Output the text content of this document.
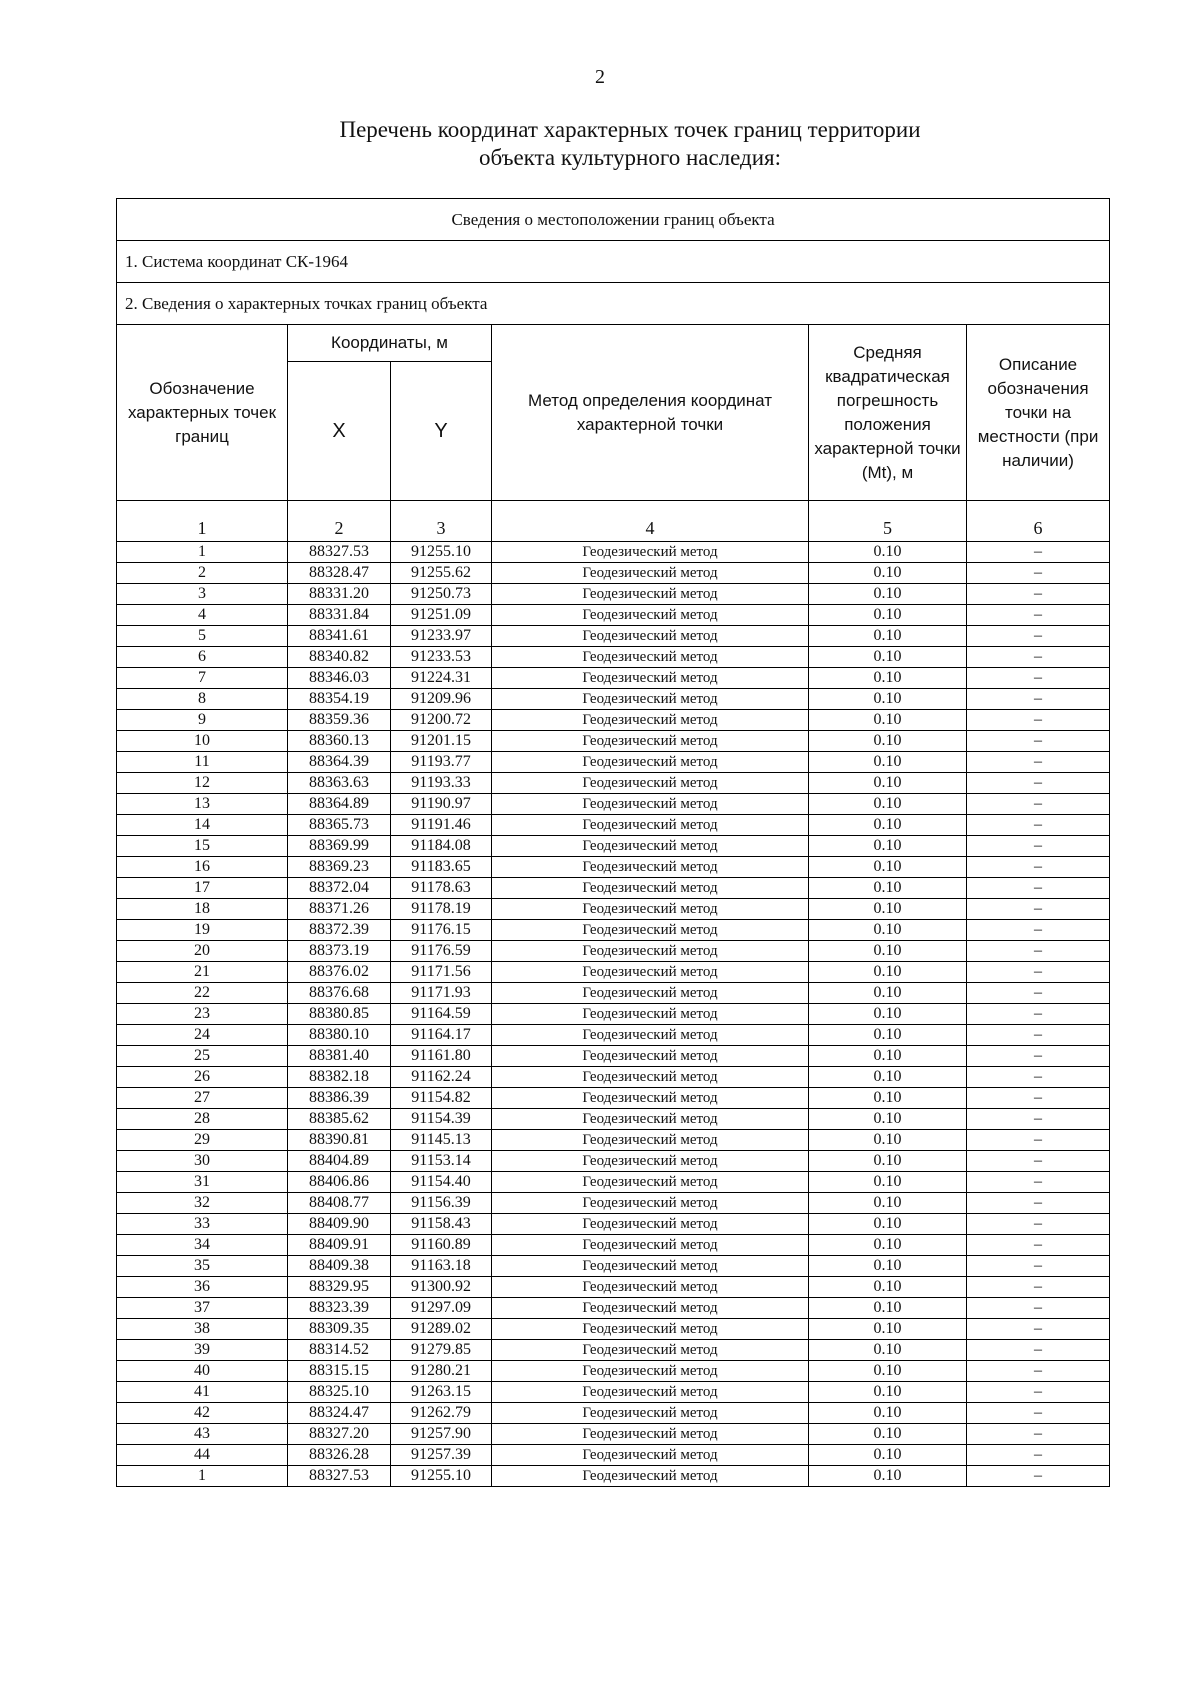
2
Перечень координат характерных точек границ территории
объекта культурного наследия:
Сведения о местоположении границ объекта					
1. Система координат СК-1964					
2. Сведения о характерных точках границ объекта					
Обозначение характерных точек границ	Координаты, м		Метод определения координат характерной точки	Средняя квадратическая погрешность положения характерной точки (Mt), м	Описание обозначения точки на местности (при наличии)
	X	Y			
1	2	3	4	5	6
1	88327.53	91255.10	Геодезический метод	0.10	–
2	88328.47	91255.62	Геодезический метод	0.10	–
3	88331.20	91250.73	Геодезический метод	0.10	–
4	88331.84	91251.09	Геодезический метод	0.10	–
5	88341.61	91233.97	Геодезический метод	0.10	–
6	88340.82	91233.53	Геодезический метод	0.10	–
7	88346.03	91224.31	Геодезический метод	0.10	–
8	88354.19	91209.96	Геодезический метод	0.10	–
9	88359.36	91200.72	Геодезический метод	0.10	–
10	88360.13	91201.15	Геодезический метод	0.10	–
11	88364.39	91193.77	Геодезический метод	0.10	–
12	88363.63	91193.33	Геодезический метод	0.10	–
13	88364.89	91190.97	Геодезический метод	0.10	–
14	88365.73	91191.46	Геодезический метод	0.10	–
15	88369.99	91184.08	Геодезический метод	0.10	–
16	88369.23	91183.65	Геодезический метод	0.10	–
17	88372.04	91178.63	Геодезический метод	0.10	–
18	88371.26	91178.19	Геодезический метод	0.10	–
19	88372.39	91176.15	Геодезический метод	0.10	–
20	88373.19	91176.59	Геодезический метод	0.10	–
21	88376.02	91171.56	Геодезический метод	0.10	–
22	88376.68	91171.93	Геодезический метод	0.10	–
23	88380.85	91164.59	Геодезический метод	0.10	–
24	88380.10	91164.17	Геодезический метод	0.10	–
25	88381.40	91161.80	Геодезический метод	0.10	–
26	88382.18	91162.24	Геодезический метод	0.10	–
27	88386.39	91154.82	Геодезический метод	0.10	–
28	88385.62	91154.39	Геодезический метод	0.10	–
29	88390.81	91145.13	Геодезический метод	0.10	–
30	88404.89	91153.14	Геодезический метод	0.10	–
31	88406.86	91154.40	Геодезический метод	0.10	–
32	88408.77	91156.39	Геодезический метод	0.10	–
33	88409.90	91158.43	Геодезический метод	0.10	–
34	88409.91	91160.89	Геодезический метод	0.10	–
35	88409.38	91163.18	Геодезический метод	0.10	–
36	88329.95	91300.92	Геодезический метод	0.10	–
37	88323.39	91297.09	Геодезический метод	0.10	–
38	88309.35	91289.02	Геодезический метод	0.10	–
39	88314.52	91279.85	Геодезический метод	0.10	–
40	88315.15	91280.21	Геодезический метод	0.10	–
41	88325.10	91263.15	Геодезический метод	0.10	–
42	88324.47	91262.79	Геодезический метод	0.10	–
43	88327.20	91257.90	Геодезический метод	0.10	–
44	88326.28	91257.39	Геодезический метод	0.10	–
1	88327.53	91255.10	Геодезический метод	0.10	–
